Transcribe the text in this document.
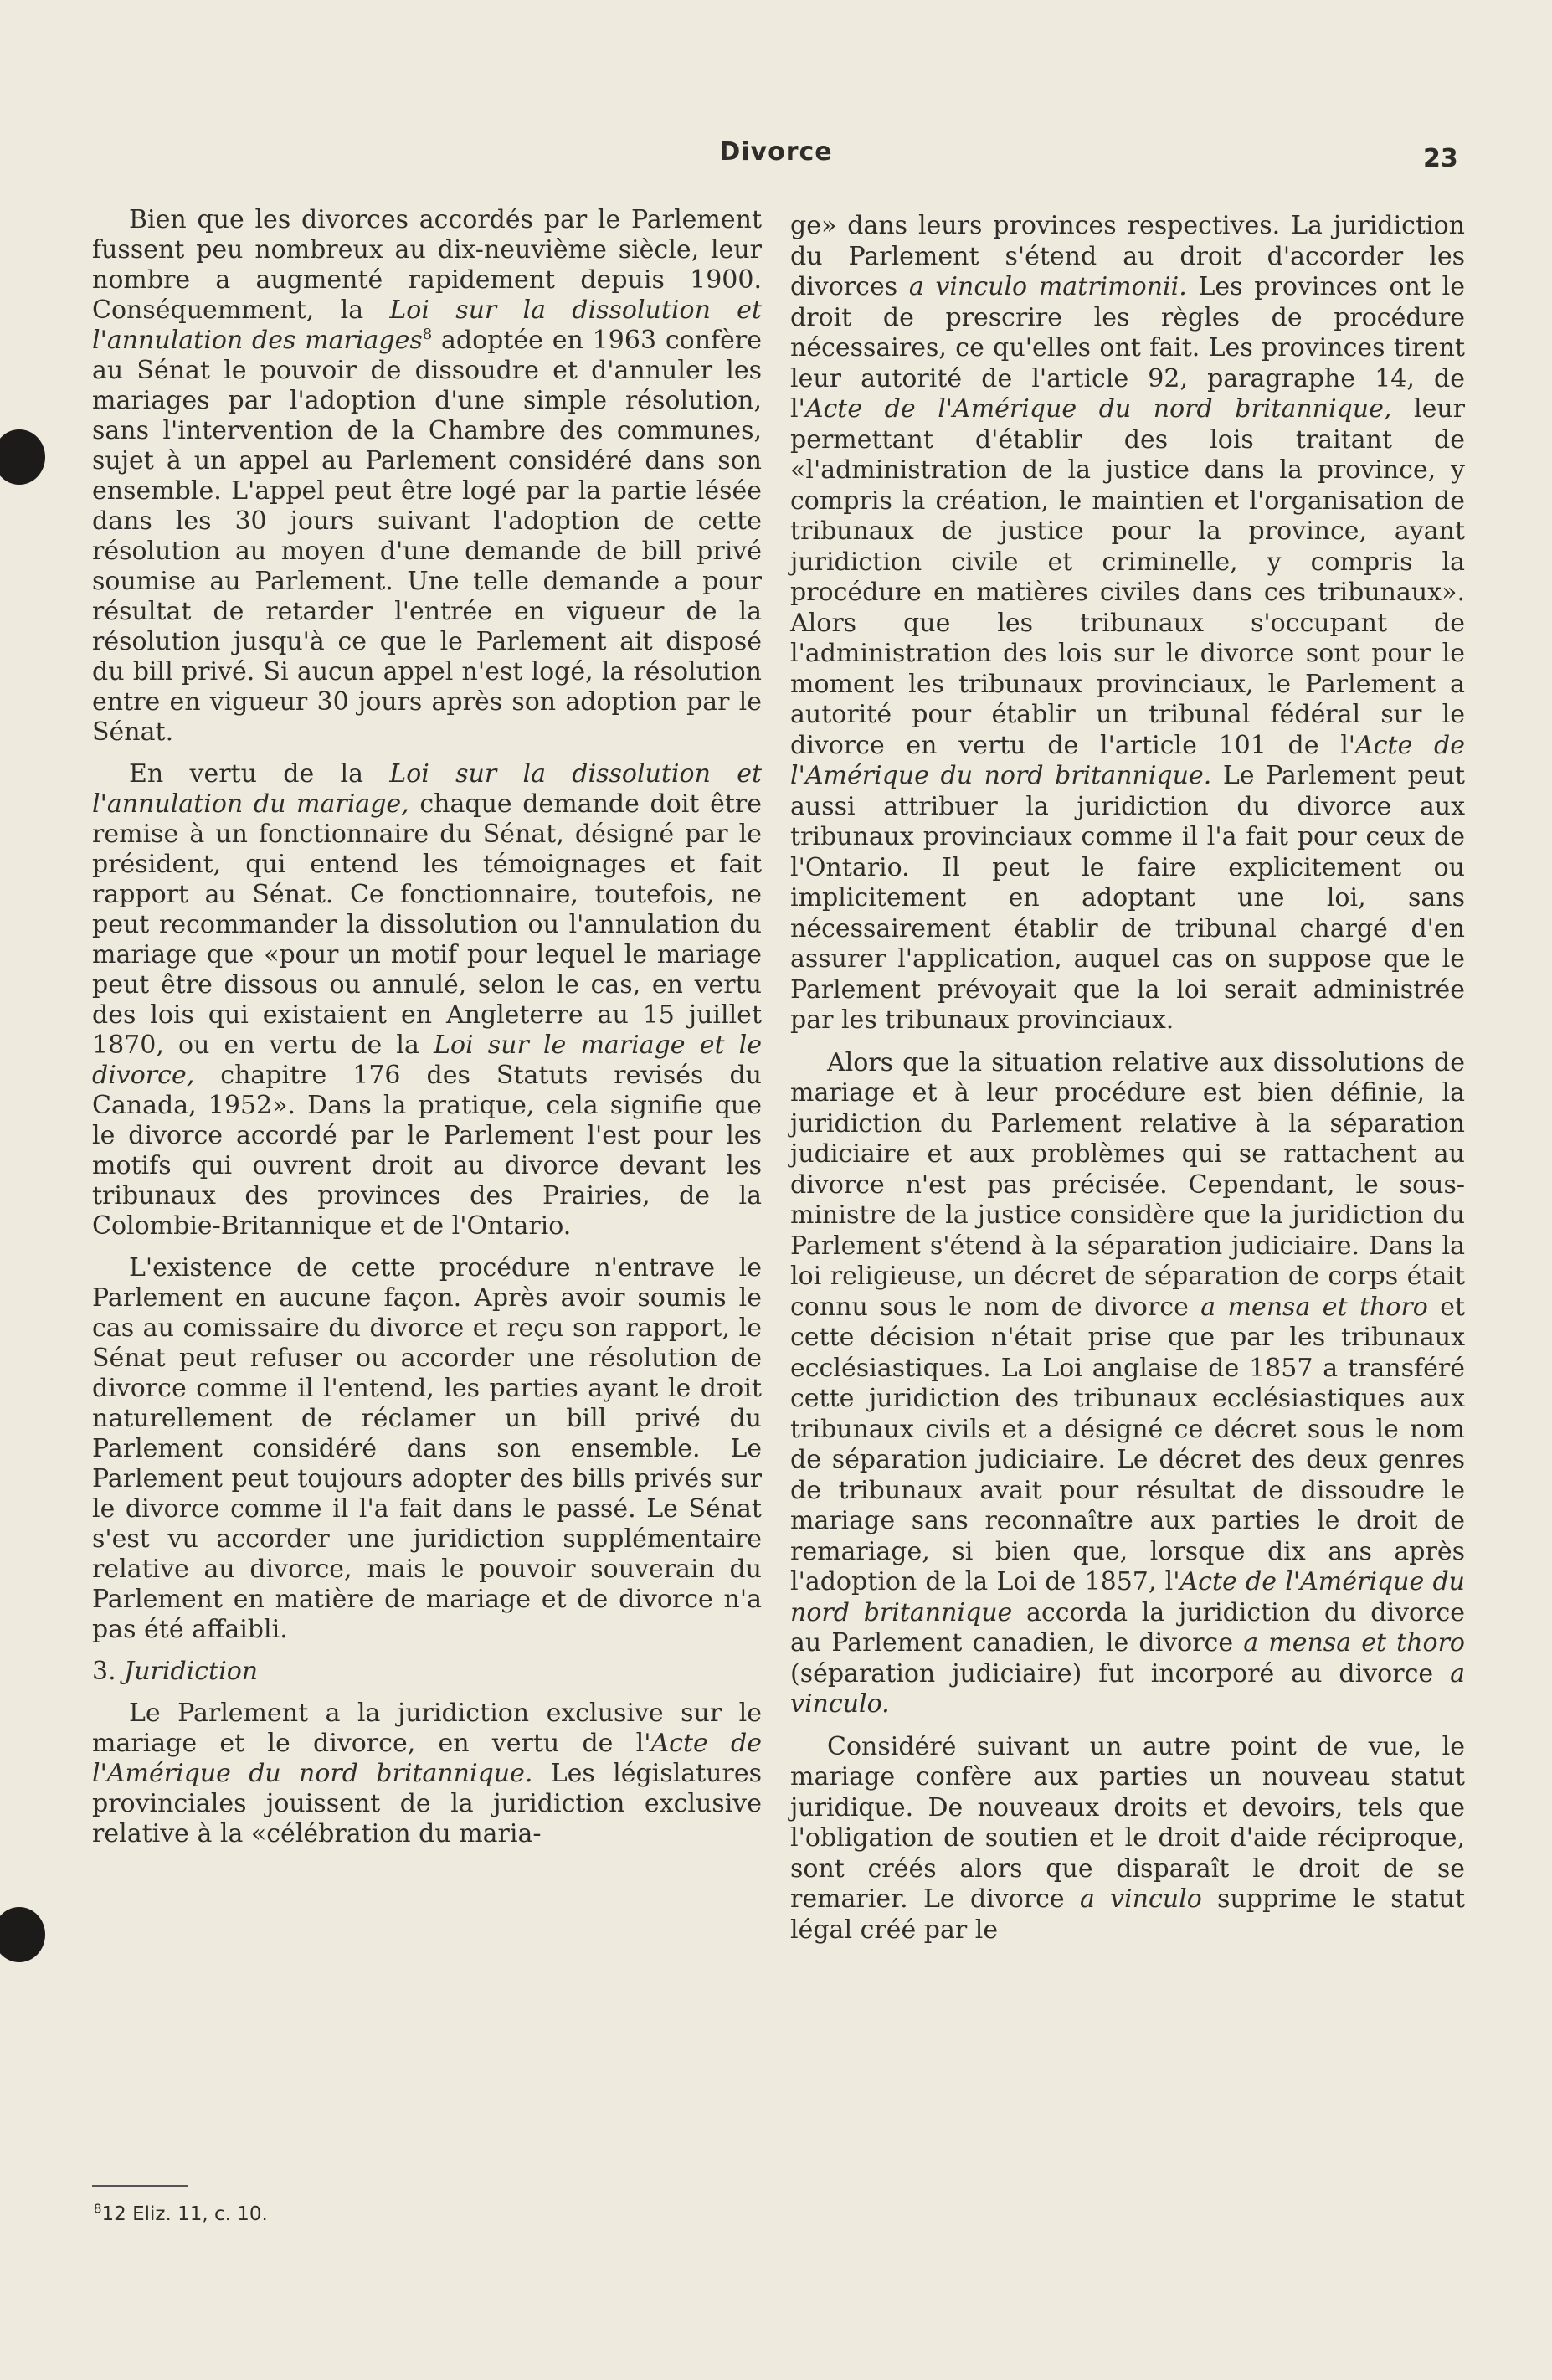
Divorce	23

Bien que les divorces accordés par le Parlement fussent peu nombreux au dix-neuvième siècle, leur nombre a augmenté rapidement depuis 1900. Conséquemment, la Loi sur la dissolution et l'annulation des mariages$^8$ adoptée en 1963 confère au Sénat le pouvoir de dissoudre et d'annuler les mariages par l'adoption d'une simple résolution, sans l'intervention de la Chambre des communes, sujet à un appel au Parlement considéré dans son ensemble. L'appel peut être logé par la partie lésée dans les 30 jours suivant l'adoption de cette résolution au moyen d'une demande de bill privé soumise au Parlement. Une telle demande a pour résultat de retarder l'entrée en vigueur de la résolution jusqu'à ce que le Parlement ait disposé du bill privé. Si aucun appel n'est logé, la résolution entre en vigueur 30 jours après son adoption par le Sénat.

En vertu de la Loi sur la dissolution et l'annulation du mariage, chaque demande doit être remise à un fonctionnaire du Sénat, désigné par le président, qui entend les témoignages et fait rapport au Sénat. Ce fonctionnaire, toutefois, ne peut recommander la dissolution ou l'annulation du mariage que «pour un motif pour lequel le mariage peut être dissous ou annulé, selon le cas, en vertu des lois qui existaient en Angleterre au 15 juillet 1870, ou en vertu de la Loi sur le mariage et le divorce, chapitre 176 des Statuts revisés du Canada, 1952». Dans la pratique, cela signifie que le divorce accordé par le Parlement l'est pour les motifs qui ouvrent droit au divorce devant les tribunaux des provinces des Prairies, de la Colombie-Britannique et de l'Ontario.

L'existence de cette procédure n'entrave le Parlement en aucune façon. Après avoir soumis le cas au comissaire du divorce et reçu son rapport, le Sénat peut refuser ou accorder une résolution de divorce comme il l'entend, les parties ayant le droit naturellement de réclamer un bill privé du Parlement considéré dans son ensemble. Le Parlement peut toujours adopter des bills privés sur le divorce comme il l'a fait dans le passé. Le Sénat s'est vu accorder une juridiction supplémentaire relative au divorce, mais le pouvoir souverain du Parlement en matière de mariage et de divorce n'a pas été affaibli.

3. Juridiction

Le Parlement a la juridiction exclusive sur le mariage et le divorce, en vertu de l'Acte de l'Amérique du nord britannique. Les législatures provinciales jouissent de la juridiction exclusive relative à la «célébration du maria-

$^8$12 Eliz. 11, c. 10.

ge» dans leurs provinces respectives. La juridiction du Parlement s'étend au droit d'accorder les divorces a vinculo matrimonii. Les provinces ont le droit de prescrire les règles de procédure nécessaires, ce qu'elles ont fait. Les provinces tirent leur autorité de l'article 92, paragraphe 14, de l'Acte de l'Amérique du nord britannique, leur permettant d'établir des lois traitant de «l'administration de la justice dans la province, y compris la création, le maintien et l'organisation de tribunaux de justice pour la province, ayant juridiction civile et criminelle, y compris la procédure en matières civiles dans ces tribunaux». Alors que les tribunaux s'occupant de l'administration des lois sur le divorce sont pour le moment les tribunaux provinciaux, le Parlement a autorité pour établir un tribunal fédéral sur le divorce en vertu de l'article 101 de l'Acte de l'Amérique du nord britannique. Le Parlement peut aussi attribuer la juridiction du divorce aux tribunaux provinciaux comme il l'a fait pour ceux de l'Ontario. Il peut le faire explicitement ou implicitement en adoptant une loi, sans nécessairement établir de tribunal chargé d'en assurer l'application, auquel cas on suppose que le Parlement prévoyait que la loi serait administrée par les tribunaux provinciaux.

Alors que la situation relative aux dissolutions de mariage et à leur procédure est bien définie, la juridiction du Parlement relative à la séparation judiciaire et aux problèmes qui se rattachent au divorce n'est pas précisée. Cependant, le sous-ministre de la justice considère que la juridiction du Parlement s'étend à la séparation judiciaire. Dans la loi religieuse, un décret de séparation de corps était connu sous le nom de divorce a mensa et thoro et cette décision n'était prise que par les tribunaux ecclésiastiques. La Loi anglaise de 1857 a transféré cette juridiction des tribunaux ecclésiastiques aux tribunaux civils et a désigné ce décret sous le nom de séparation judiciaire. Le décret des deux genres de tribunaux avait pour résultat de dissoudre le mariage sans reconnaître aux parties le droit de remariage, si bien que, lorsque dix ans après l'adoption de la Loi de 1857, l'Acte de l'Amérique du nord britannique accorda la juridiction du divorce au Parlement canadien, le divorce a mensa et thoro (séparation judiciaire) fut incorporé au divorce a vinculo.

Considéré suivant un autre point de vue, le mariage confère aux parties un nouveau statut juridique. De nouveaux droits et devoirs, tels que l'obligation de soutien et le droit d'aide réciproque, sont créés alors que disparaît le droit de se remarier. Le divorce a vinculo supprime le statut légal créé par le
